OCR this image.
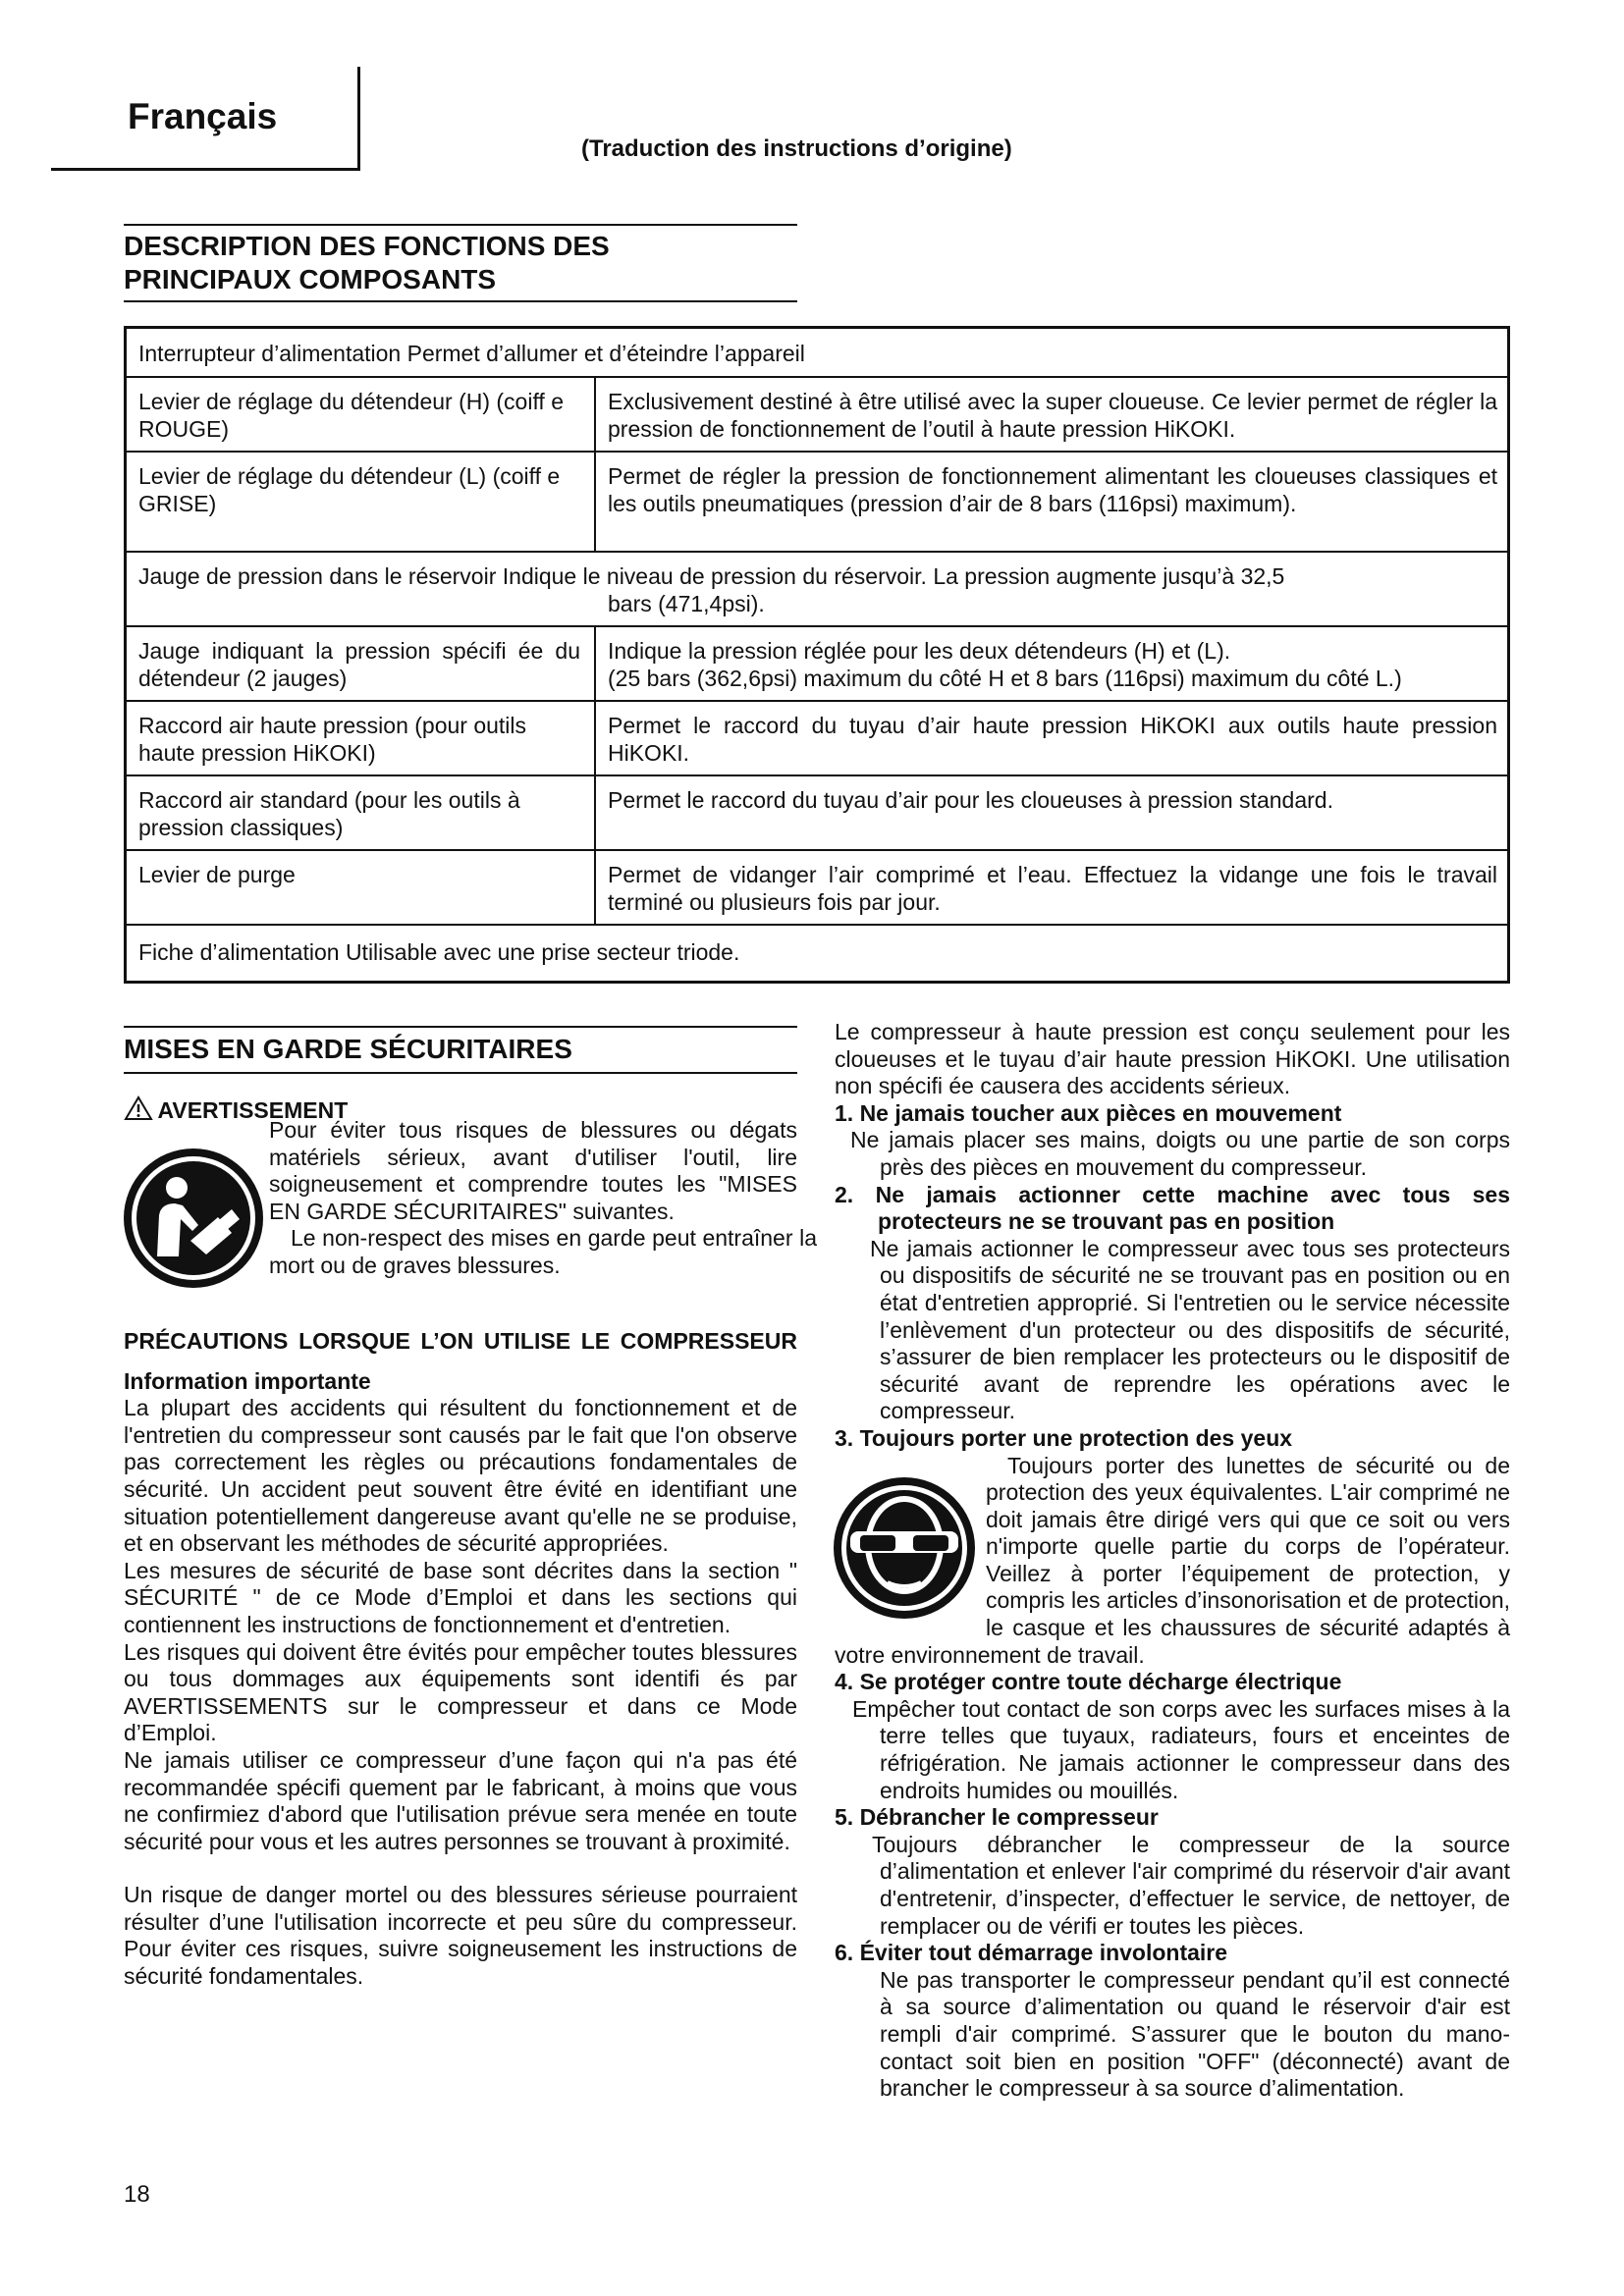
Français
(Traduction des instructions d’origine)
DESCRIPTION DES FONCTIONS DES
PRINCIPAUX COMPOSANTS
Interrupteur d’alimentation Permet d’allumer et d’éteindre l’appareil
Levier de réglage du détendeur (H) (coiff e ROUGE)
Exclusivement destiné à être utilisé avec la super cloueuse. Ce levier permet de régler la pression de fonctionnement de l’outil à haute pression HiKOKI.
Levier de réglage du détendeur (L) (coiff e GRISE)
Permet de régler la pression de fonctionnement alimentant les cloueuses classiques et les outils pneumatiques (pression d’air de 8 bars (116psi) maximum).
Jauge de pression dans le réservoir Indique le niveau de pression du réservoir. La pression augmente jusqu’à 32,5
bars (471,4psi).
Jauge indiquant la pression spécifi ée du détendeur (2 jauges)
Indique la pression réglée pour les deux détendeurs (H) et (L).
(25 bars (362,6psi) maximum du côté H et 8 bars (116psi) maximum du côté L.)
Raccord air haute pression (pour outils haute pression HiKOKI)
Permet le raccord du tuyau d’air haute pression HiKOKI aux outils haute pression HiKOKI.
Raccord air standard (pour les outils à pression classiques)
Permet le raccord du tuyau d’air pour les cloueuses à pression standard.
Levier de purge	Permet de vidanger l’air comprimé et l’eau. Effectuez la vidange une fois le travail terminé ou plusieurs fois par jour.
Fiche d’alimentation Utilisable avec une prise secteur triode.
MISES EN GARDE SÉCURITAIRES
AVERTISSEMENT

Pour éviter tous risques de blessures ou dégats matériels sérieux, avant d'utiliser l'outil, lire soigneusement et comprendre toutes les "MISES EN GARDE SÉCURITAIRES" suivantes.

Le non-respect des mises en garde peut entraîner la mort ou de graves blessures.

PRÉCAUTIONS LORSQUE L’ON UTILISE LE COMPRESSEUR

Information importante

La plupart des accidents qui résultent du fonctionnement et de l'entretien du compresseur sont causés par le fait que l'on observe pas correctement les règles ou précautions fondamentales de sécurité. Un accident peut souvent être évité en identifiant une situation potentiellement dangereuse avant qu'elle ne se produise, et en observant les méthodes de sécurité appropriées.

Les mesures de sécurité de base sont décrites dans la section " SÉCURITÉ " de ce Mode d’Emploi et dans les sections qui contiennent les instructions de fonctionnement et d'entretien.

Les risques qui doivent être évités pour empêcher toutes blessures ou tous dommages aux équipements sont identifi és par AVERTISSEMENTS sur le compresseur et dans ce Mode d’Emploi.

Ne jamais utiliser ce compresseur d’une façon qui n'a pas été recommandée spécifi quement par le fabricant, à moins que vous ne confirmiez d'abord que l'utilisation prévue sera menée en toute sécurité pour vous et les autres personnes se trouvant à proximité.

Un risque de danger mortel ou des blessures sérieuse pourraient résulter d’une l'utilisation incorrecte et peu sûre du compresseur. Pour éviter ces risques, suivre soigneusement les instructions de sécurité fondamentales.

Le compresseur à haute pression est conçu seulement pour les cloueuses et le tuyau d’air haute pression HiKOKI. Une utilisation non spécifi ée causera des accidents sérieux.

1. Ne jamais toucher aux pièces en mouvement

Ne jamais placer ses mains, doigts ou une partie de son corps près des pièces en mouvement du compresseur.

2. Ne jamais actionner cette machine avec tous ses protecteurs ne se trouvant pas en position

Ne jamais actionner le compresseur avec tous ses protecteurs ou dispositifs de sécurité ne se trouvant pas en position ou en état d'entretien approprié. Si l'entretien ou le service nécessite l’enlèvement d'un protecteur ou des dispositifs de sécurité, s’assurer de bien remplacer les protecteurs ou le dispositif de sécurité avant de reprendre les opérations avec le compresseur.

3. Toujours porter une protection des yeux

Toujours porter des lunettes de sécurité ou de protection des yeux équivalentes. L'air comprimé ne doit jamais être dirigé vers qui que ce soit ou vers n'importe quelle partie du corps de l’opérateur. Veillez à porter l’équipement de protection, y compris les articles d’insonorisation et de protection, le casque et les chaussures de sécurité adaptés à votre environnement de travail.

4. Se protéger contre toute décharge électrique

Empêcher tout contact de son corps avec les surfaces mises à la terre telles que tuyaux, radiateurs, fours et enceintes de réfrigération. Ne jamais actionner le compresseur dans des endroits humides ou mouillés.

5. Débrancher le compresseur

Toujours débrancher le compresseur de la source d’alimentation et enlever l'air comprimé du réservoir d'air avant d'entretenir, d’inspecter, d’effectuer le service, de nettoyer, de remplacer ou de vérifi er toutes les pièces.

6. Éviter tout démarrage involontaire

Ne pas transporter le compresseur pendant qu’il est connecté à sa source d’alimentation ou quand le réservoir d'air est rempli d'air comprimé. S’assurer que le bouton du mano-contact soit bien en position "OFF" (déconnecté) avant de brancher le compresseur à sa source d’alimentation.

18
